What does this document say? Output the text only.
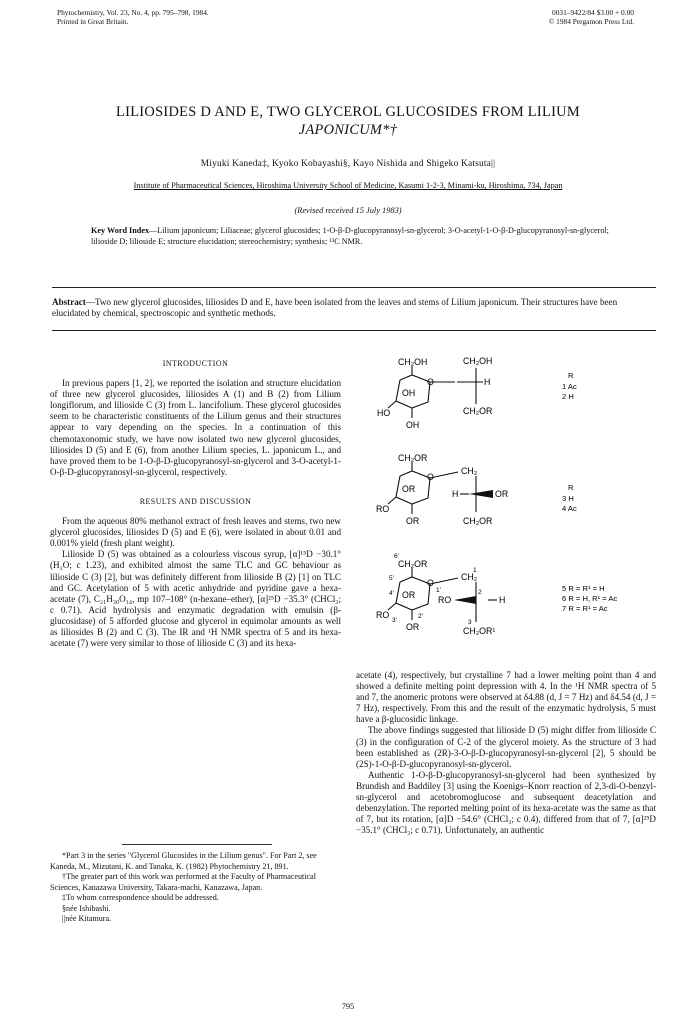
Phytochemistry, Vol. 23, No. 4, pp. 795–798, 1984.
Printed in Great Britain.
0031–9422/84 $3.00 + 0.00
© 1984 Pergamon Press Ltd.
LILIOSIDES D AND E, TWO GLYCEROL GLUCOSIDES FROM LILIUM
JAPONICUM*†
Miyuki Kaneda‡, Kyoko Kobayashi§, Kayo Nishida and Shigeko Katsuta||
Institute of Pharmaceutical Sciences, Hiroshima University School of Medicine, Kasumi 1-2-3, Minami-ku, Hiroshima, 734, Japan
(Revised received 15 July 1983)
Key Word Index—Lilium japonicum; Liliaceae; glycerol glucosides; 1-O-β-D-glucopyranosyl-sn-glycerol; 3-O-acetyl-1-O-β-D-glucopyranosyl-sn-glycerol; lilioside D; lilioside E; structure elucidation; stereochemistry; synthesis; ¹³C NMR.
Abstract—Two new glycerol glucosides, liliosides D and E, have been isolated from the leaves and stems of Lilium japonicum. Their structures have been elucidated by chemical, spectroscopic and synthetic methods.
INTRODUCTION

In previous papers [1, 2], we reported the isolation and structure elucidation of three new glycerol glucosides, liliosides A (1) and B (2) from Lilium longiflorum, and lilioside C (3) from L. lancifolium. These glycerol glucosides seem to be characteristic constituents of the Lilium genus and their structures appear to vary depending on the species. In a continuation of this chemotaxonomic study, we have now isolated two new glycerol glucosides, liliosides D (5) and E (6), from another Lilium species, L. japonicum L., and have proved them to be 1-O-β-D-glucopyranosyl-sn-glycerol and 3-O-acetyl-1-O-β-D-glucopyranosyl-sn-glycerol, respectively.

RESULTS AND DISCUSSION

From the aqueous 80% methanol extract of fresh leaves and stems, two new glycerol glucosides, liliosides D (5) and E (6), were isolated in about 0.01 and 0.001% yield (fresh plant weight).

Lilioside D (5) was obtained as a colourless viscous syrup, [α]¹⁵D −30.1° (H₂O; c 1.23), and exhibited almost the same TLC and GC behaviour as lilioside C (3) [2], but was definitely different from lilioside B (2) [1] on TLC and GC. Acetylation of 5 with acetic anhydride and pyridine gave a hexa-acetate (7), C₂₁H₃₀O₁₄, mp 107–108° (n-hexane–ether), [α]²⁵D −35.3° (CHCl₃; c 0.71). Acid hydrolysis and enzymatic degradation with emulsin (β-glucosidase) of 5 afforded glucose and glycerol in equimolar amounts as well as liliosides B (2) and C (3). The IR and ¹H NMR spectra of 5 and its hexa-acetate (7) were very similar to those of lilioside C (3) and its hexa-

*Part 3 in the series "Glycerol Glucosides in the Lilium genus". For Part 2, see Kaneda, M., Mizutani, K. and Tanaka, K. (1982) Phytochemistry 21, 891.

†The greater part of this work was performed at the Faculty of Pharmaceutical Sciences, Kanazawa University, Takara-machi, Kanazawa, Japan.

‡To whom correspondence should be addressed.

§née Ishibashi.

||née Kitamura.

CH₂OH	CH₂OH
O	H
OH
HO	CH₂OR
OH
R
1 Ac
2 H
CH₂OR
O
CH₂
OR	H	OR
RO
OR	CH₂OR
R
3 H
4 Ac
6'
CH₂OR
5'	O
1'
CH₂
1
4' OR	RO
2
H
RO
3'
2'
OR	3
CH₂OR¹
5 R = R¹ = H
6 R = H, R¹ = Ac
7 R = R¹ = Ac

acetate (4), respectively, but crystalline 7 had a lower melting point than 4 and showed a definite melting point depression with 4. In the ¹H NMR spectra of 5 and 7, the anomeric protons were observed at δ4.88 (d, J = 7 Hz) and δ4.54 (d, J = 7 Hz), respectively. From this and the result of the enzymatic hydrolysis, 5 must have a β-glucosidic linkage.

The above findings suggested that lilioside D (5) might differ from lilioside C (3) in the configuration of C-2 of the glycerol moiety. As the structure of 3 had been established as (2R)-3-O-β-D-glucopyranosyl-sn-glycerol [2], 5 should be (2S)-1-O-β-D-glucopyranosyl-sn-glycerol.

Authentic 1-O-β-D-glucopyranosyl-sn-glycerol had been synthesized by Brundish and Baddiley [3] using the Koenigs–Knorr reaction of 2,3-di-O-benzyl-sn-glycerol and acetobromoglucose and subsequent deacetylation and debenzylation. The reported melting point of its hexa-acetate was the same as that of 7, but its rotation, [α]D −54.6° (CHCl₃; c 0.4), differed from that of 7, [α]²⁵D −35.1° (CHCl₃; c 0.71). Unfortunately, an authentic

795
